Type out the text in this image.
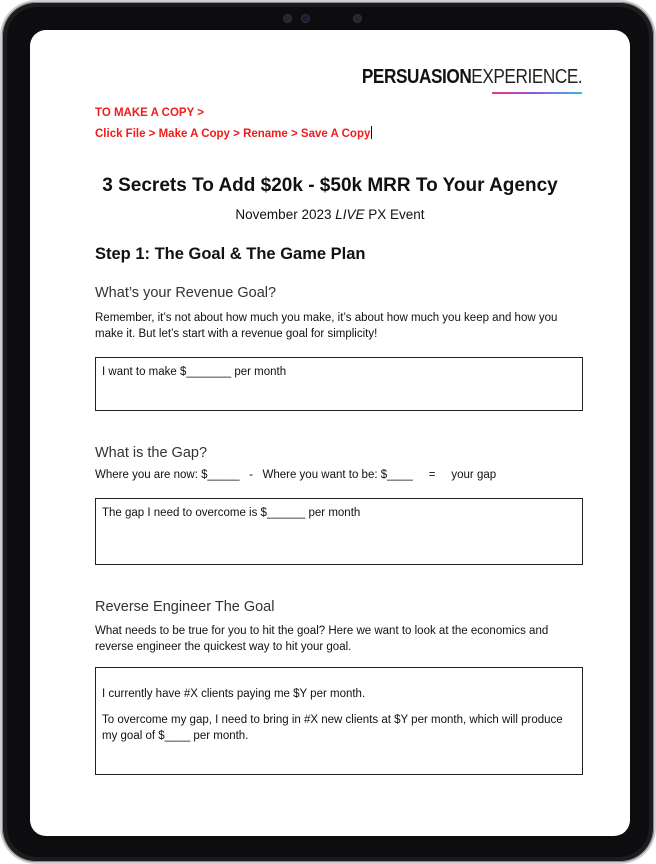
PERSUASIONEXPERIENCE.
TO MAKE A COPY >
Click File > Make A Copy > Rename > Save A Copy
3 Secrets To Add $20k - $50k MRR To Your Agency
November 2023 LIVE PX Event
Step 1: The Goal & The Game Plan
What’s your Revenue Goal?
Remember, it’s not about how much you make, it’s about how much you keep and how you make it. But let’s start with a revenue goal for simplicity!

I want to make $_______ per month

What is the Gap?
Where you are now: $_____   -   Where you want to be: $____     =     your gap

The gap I need to overcome is $______ per month

Reverse Engineer The Goal
What needs to be true for you to hit the goal? Here we want to look at the economics and reverse engineer the quickest way to hit your goal.

I currently have #X clients paying me $Y per month.

To overcome my gap, I need to bring in #X new clients at $Y per month, which will produce my goal of $____ per month.
